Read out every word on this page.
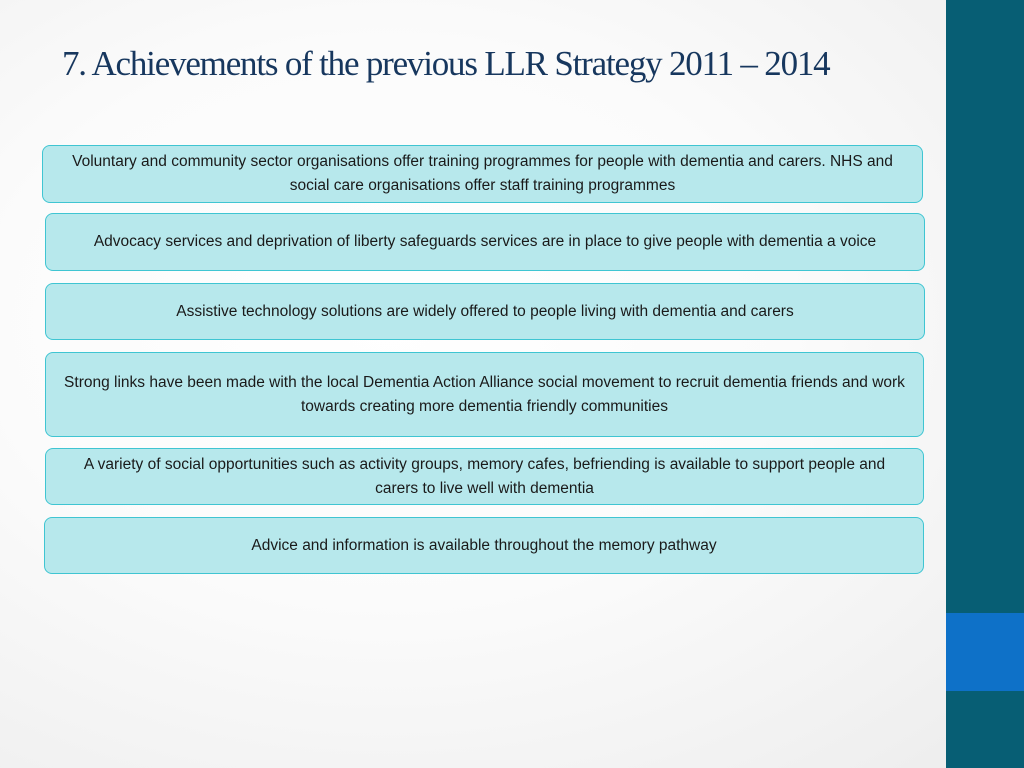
7. Achievements of the previous LLR Strategy 2011 – 2014
Voluntary and community sector organisations offer training programmes for people with dementia and carers. NHS and social care organisations offer staff training programmes
Advocacy services and deprivation of liberty safeguards services are in place to give people with dementia a voice
Assistive technology solutions are widely offered to people living with dementia and carers
Strong links have been made with the local Dementia Action Alliance social movement to recruit dementia friends and work towards creating more dementia friendly communities
A variety of social opportunities such as activity groups, memory cafes, befriending is available to support people and carers to live well with dementia
Advice and information is available throughout the memory pathway
